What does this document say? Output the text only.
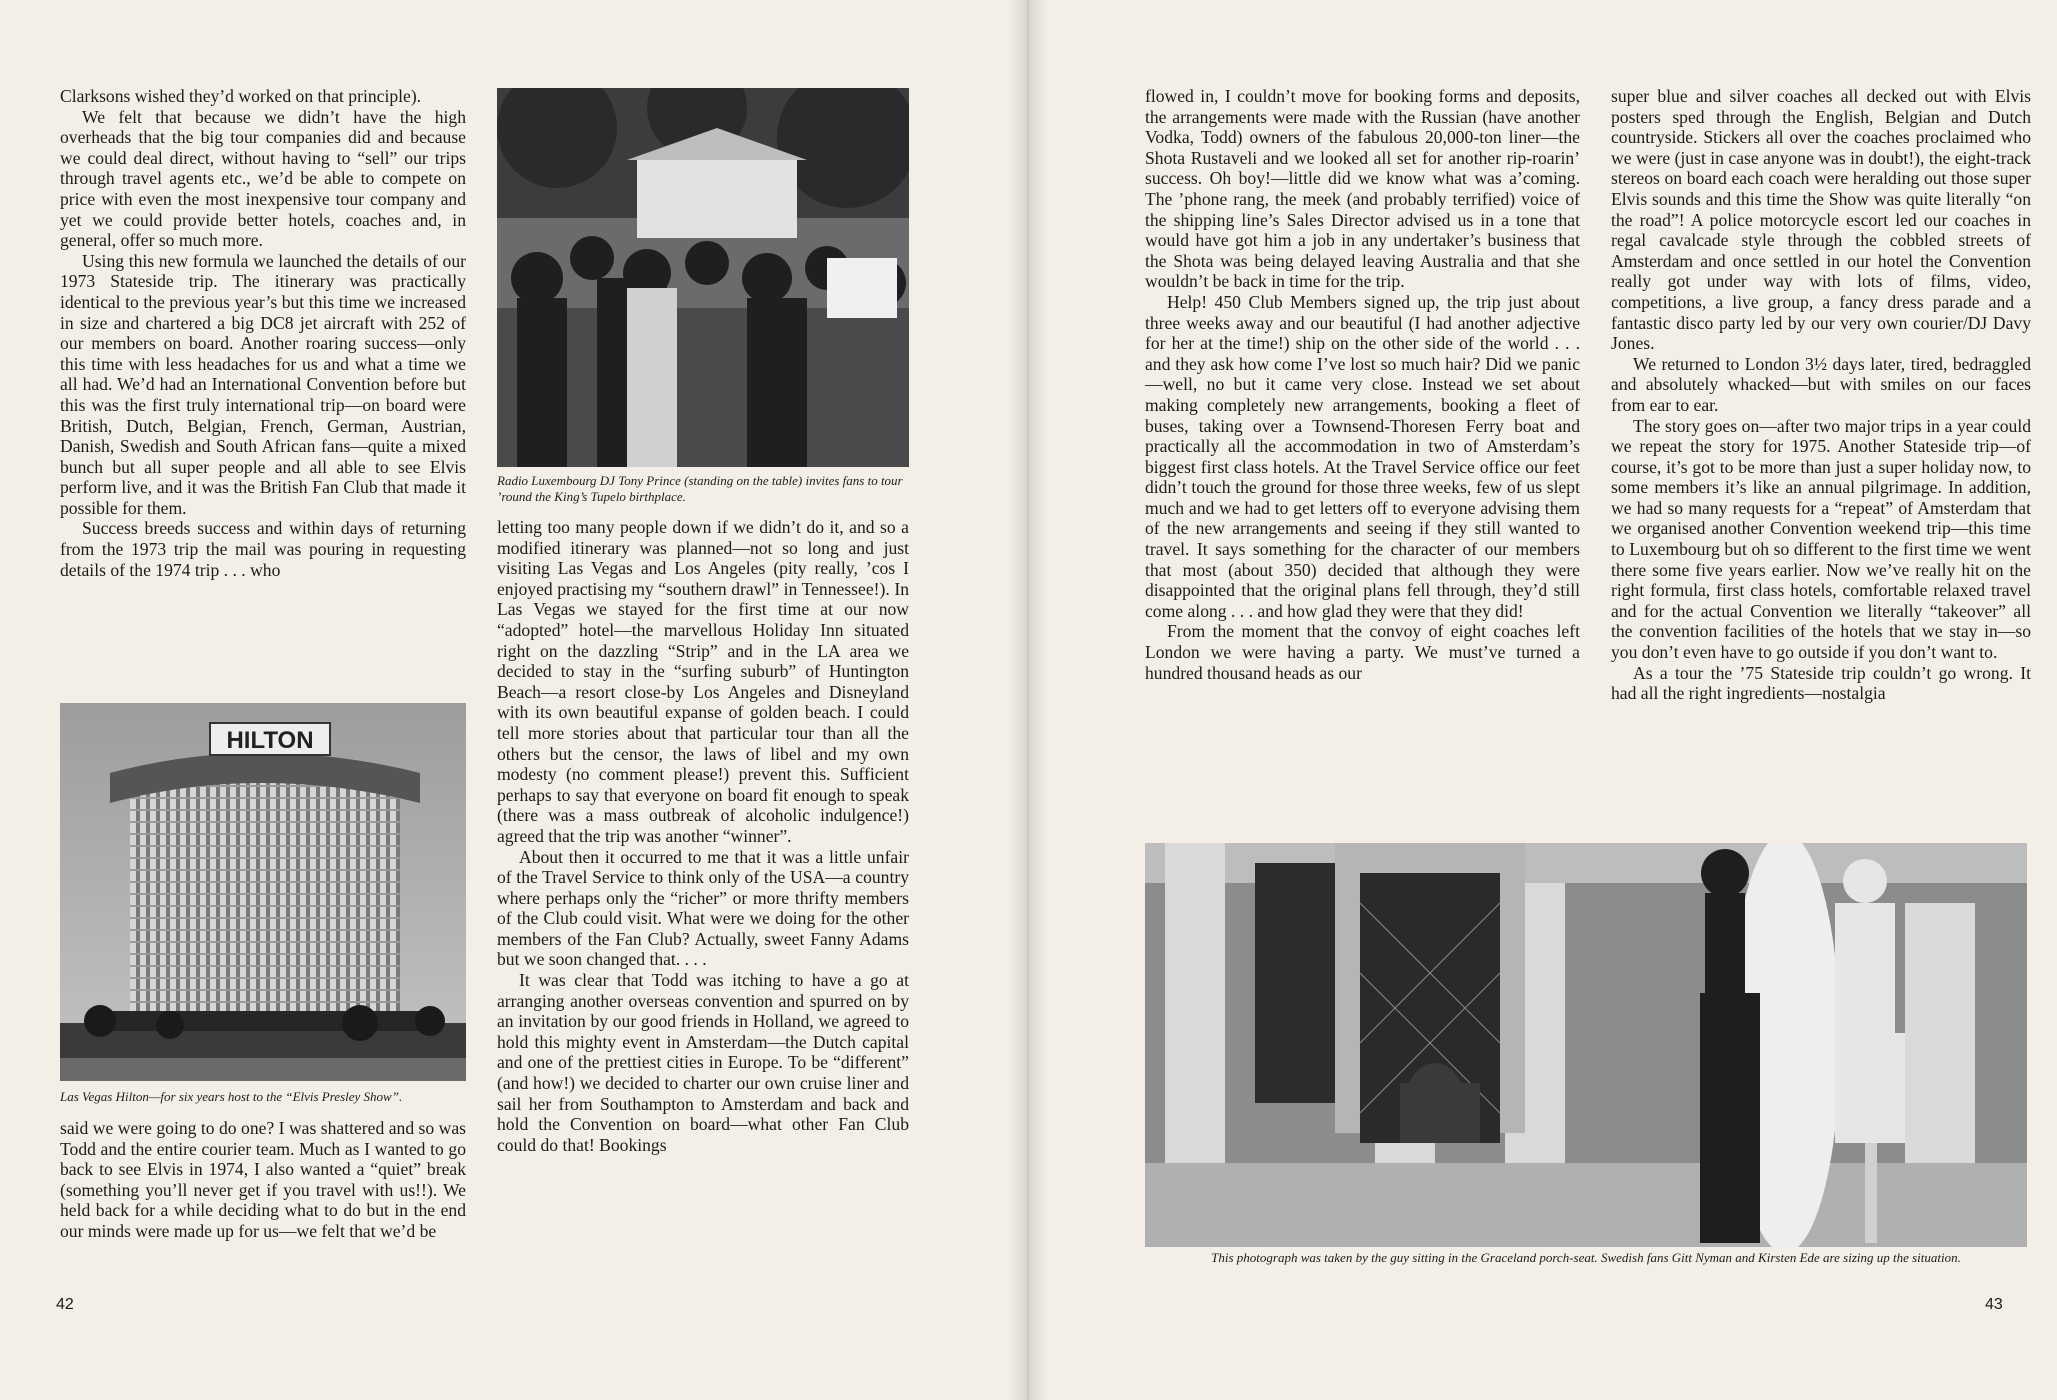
Clarksons wished they’d worked on that principle).

We felt that because we didn’t have the high overheads that the big tour companies did and because we could deal direct, without having to “sell” our trips through travel agents etc., we’d be able to compete on price with even the most inexpensive tour company and yet we could provide better hotels, coaches and, in general, offer so much more.

Using this new formula we launched the details of our 1973 Stateside trip. The itinerary was practically identical to the previous year’s but this time we increased in size and chartered a big DC8 jet aircraft with 252 of our members on board. Another roaring success—only this time with less headaches for us and what a time we all had. We’d had an International Convention before but this was the first truly international trip—on board were British, Dutch, Belgian, French, German, Austrian, Danish, Swedish and South African fans—quite a mixed bunch but all super people and all able to see Elvis perform live, and it was the British Fan Club that made it possible for them.

Success breeds success and within days of returning from the 1973 trip the mail was pouring in requesting details of the 1974 trip . . . who

HILTON
Las Vegas Hilton—for six years host to the “Elvis Presley Show”.

said we were going to do one? I was shattered and so was Todd and the entire courier team. Much as I wanted to go back to see Elvis in 1974, I also wanted a “quiet” break (something you’ll never get if you travel with us!!). We held back for a while deciding what to do but in the end our minds were made up for us—we felt that we’d be

Radio Luxembourg DJ Tony Prince (standing on the table) invites fans to tour ’round the King’s Tupelo birthplace.

letting too many people down if we didn’t do it, and so a modified itinerary was planned—not so long and just visiting Las Vegas and Los Angeles (pity really, ’cos I enjoyed practising my “southern drawl” in Tennessee!). In Las Vegas we stayed for the first time at our now “adopted” hotel—the marvellous Holiday Inn situated right on the dazzling “Strip” and in the LA area we decided to stay in the “surfing suburb” of Huntington Beach—a resort close-by Los Angeles and Disneyland with its own beautiful expanse of golden beach. I could tell more stories about that particular tour than all the others but the censor, the laws of libel and my own modesty (no comment please!) prevent this. Sufficient perhaps to say that everyone on board fit enough to speak (there was a mass outbreak of alcoholic indulgence!) agreed that the trip was another “winner”.

About then it occurred to me that it was a little unfair of the Travel Service to think only of the USA—a country where perhaps only the “richer” or more thrifty members of the Club could visit. What were we doing for the other members of the Fan Club? Actually, sweet Fanny Adams but we soon changed that. . . .

It was clear that Todd was itching to have a go at arranging another overseas convention and spurred on by an invitation by our good friends in Holland, we agreed to hold this mighty event in Amsterdam—the Dutch capital and one of the prettiest cities in Europe. To be “different” (and how!) we decided to charter our own cruise liner and sail her from Southampton to Amsterdam and back and hold the Convention on board—what other Fan Club could do that! Bookings

42

flowed in, I couldn’t move for booking forms and deposits, the arrangements were made with the Russian (have another Vodka, Todd) owners of the fabulous 20,000-ton liner—the Shota Rustaveli and we looked all set for another rip-roarin’ success. Oh boy!—little did we know what was a’coming. The ’phone rang, the meek (and probably terrified) voice of the shipping line’s Sales Director advised us in a tone that would have got him a job in any undertaker’s business that the Shota was being delayed leaving Australia and that she wouldn’t be back in time for the trip.

Help! 450 Club Members signed up, the trip just about three weeks away and our beautiful (I had another adjective for her at the time!) ship on the other side of the world . . . and they ask how come I’ve lost so much hair? Did we panic—well, no but it came very close. Instead we set about making completely new arrangements, booking a fleet of buses, taking over a Townsend-Thoresen Ferry boat and practically all the accommodation in two of Amsterdam’s biggest first class hotels. At the Travel Service office our feet didn’t touch the ground for those three weeks, few of us slept much and we had to get letters off to everyone advising them of the new arrangements and seeing if they still wanted to travel. It says something for the character of our members that most (about 350) decided that although they were disappointed that the original plans fell through, they’d still come along . . . and how glad they were that they did!

From the moment that the convoy of eight coaches left London we were having a party. We must’ve turned a hundred thousand heads as our

super blue and silver coaches all decked out with Elvis posters sped through the English, Belgian and Dutch countryside. Stickers all over the coaches proclaimed who we were (just in case anyone was in doubt!), the eight-track stereos on board each coach were heralding out those super Elvis sounds and this time the Show was quite literally “on the road”! A police motorcycle escort led our coaches in regal cavalcade style through the cobbled streets of Amsterdam and once settled in our hotel the Convention really got under way with lots of films, video, competitions, a live group, a fancy dress parade and a fantastic disco party led by our very own courier/DJ Davy Jones.

We returned to London 3½ days later, tired, bedraggled and absolutely whacked—but with smiles on our faces from ear to ear.

The story goes on—after two major trips in a year could we repeat the story for 1975. Another Stateside trip—of course, it’s got to be more than just a super holiday now, to some members it’s like an annual pilgrimage. In addition, we had so many requests for a “repeat” of Amsterdam that we organised another Convention weekend trip—this time to Luxembourg but oh so different to the first time we went there some five years earlier. Now we’ve really hit on the right formula, first class hotels, comfortable relaxed travel and for the actual Convention we literally “takeover” all the convention facilities of the hotels that we stay in—so you don’t even have to go outside if you don’t want to.

As a tour the ’75 Stateside trip couldn’t go wrong. It had all the right ingredients—nostalgia

This photograph was taken by the guy sitting in the Graceland porch-seat. Swedish fans Gitt Nyman and Kirsten Ede are sizing up the situation.
43
